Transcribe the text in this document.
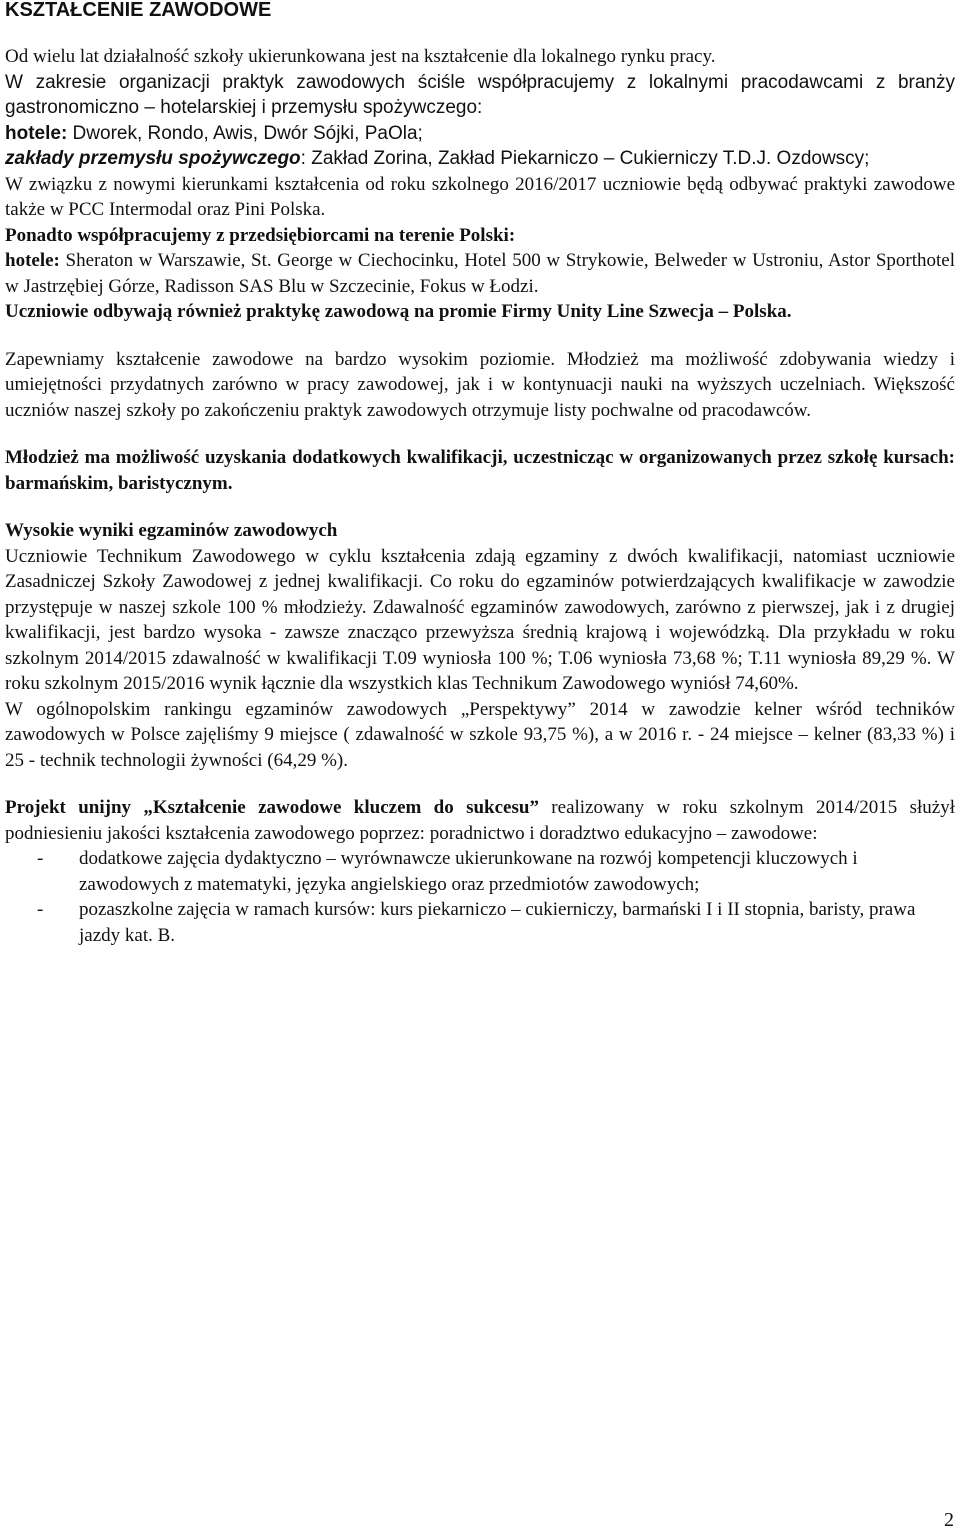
KSZTAŁCENIE ZAWODOWE

Od wielu lat działalność szkoły ukierunkowana jest na kształcenie dla lokalnego rynku pracy.

W zakresie organizacji praktyk zawodowych ściśle współpracujemy z lokalnymi pracodawcami z branży gastronomiczno – hotelarskiej i przemysłu spożywczego:

hotele: Dworek, Rondo, Awis, Dwór Sójki, PaOla;

zakłady przemysłu spożywczego: Zakład Zorina, Zakład Piekarniczo – Cukierniczy T.D.J. Ozdowscy;

W związku z nowymi kierunkami kształcenia od roku szkolnego 2016/2017 uczniowie będą odbywać praktyki zawodowe także w PCC Intermodal oraz Pini Polska.

Ponadto współpracujemy z przedsiębiorcami na terenie Polski:

hotele: Sheraton w Warszawie, St. George w Ciechocinku, Hotel 500 w Strykowie, Belweder w Ustroniu, Astor Sporthotel w Jastrzębiej Górze, Radisson SAS Blu w Szczecinie, Fokus w Łodzi.

Uczniowie odbywają również praktykę zawodową na promie Firmy Unity Line Szwecja – Polska.

Zapewniamy kształcenie zawodowe na bardzo wysokim poziomie. Młodzież ma możliwość zdobywania wiedzy i umiejętności przydatnych zarówno w pracy zawodowej, jak i w kontynuacji nauki na wyższych uczelniach. Większość uczniów naszej szkoły po zakończeniu praktyk zawodowych otrzymuje listy pochwalne od pracodawców.

Młodzież ma możliwość uzyskania dodatkowych kwalifikacji, uczestnicząc w organizowanych przez szkołę kursach: barmańskim, baristycznym.

Wysokie wyniki egzaminów zawodowych

Uczniowie Technikum Zawodowego w cyklu kształcenia zdają egzaminy z dwóch kwalifikacji, natomiast uczniowie Zasadniczej Szkoły Zawodowej z jednej kwalifikacji. Co roku do egzaminów potwierdzających kwalifikacje w zawodzie przystępuje w naszej szkole 100 % młodzieży. Zdawalność egzaminów zawodowych, zarówno z pierwszej, jak i z drugiej kwalifikacji, jest bardzo wysoka - zawsze znacząco przewyższa średnią krajową i wojewódzką. Dla przykładu w roku szkolnym 2014/2015 zdawalność w kwalifikacji T.09 wyniosła 100 %; T.06 wyniosła 73,68 %; T.11 wyniosła 89,29 %. W roku szkolnym 2015/2016 wynik łącznie dla wszystkich klas Technikum Zawodowego wyniósł 74,60%.

W ogólnopolskim rankingu egzaminów zawodowych „Perspektywy” 2014 w zawodzie kelner wśród techników zawodowych w Polsce zajęliśmy 9 miejsce ( zdawalność w szkole 93,75 %), a w 2016 r. - 24 miejsce – kelner (83,33 %) i 25 - technik technologii żywności (64,29 %).

Projekt unijny „Kształcenie zawodowe kluczem do sukcesu” realizowany w roku szkolnym 2014/2015 służył podniesieniu jakości kształcenia zawodowego poprzez: poradnictwo i doradztwo edukacyjno – zawodowe:

- dodatkowe zajęcia dydaktyczno – wyrównawcze ukierunkowane na rozwój kompetencji kluczowych i zawodowych z matematyki, języka angielskiego oraz przedmiotów zawodowych;
- pozaszkolne zajęcia w ramach kursów: kurs piekarniczo – cukierniczy, barmański I i II stopnia, baristy, prawa jazdy kat. B.
2
